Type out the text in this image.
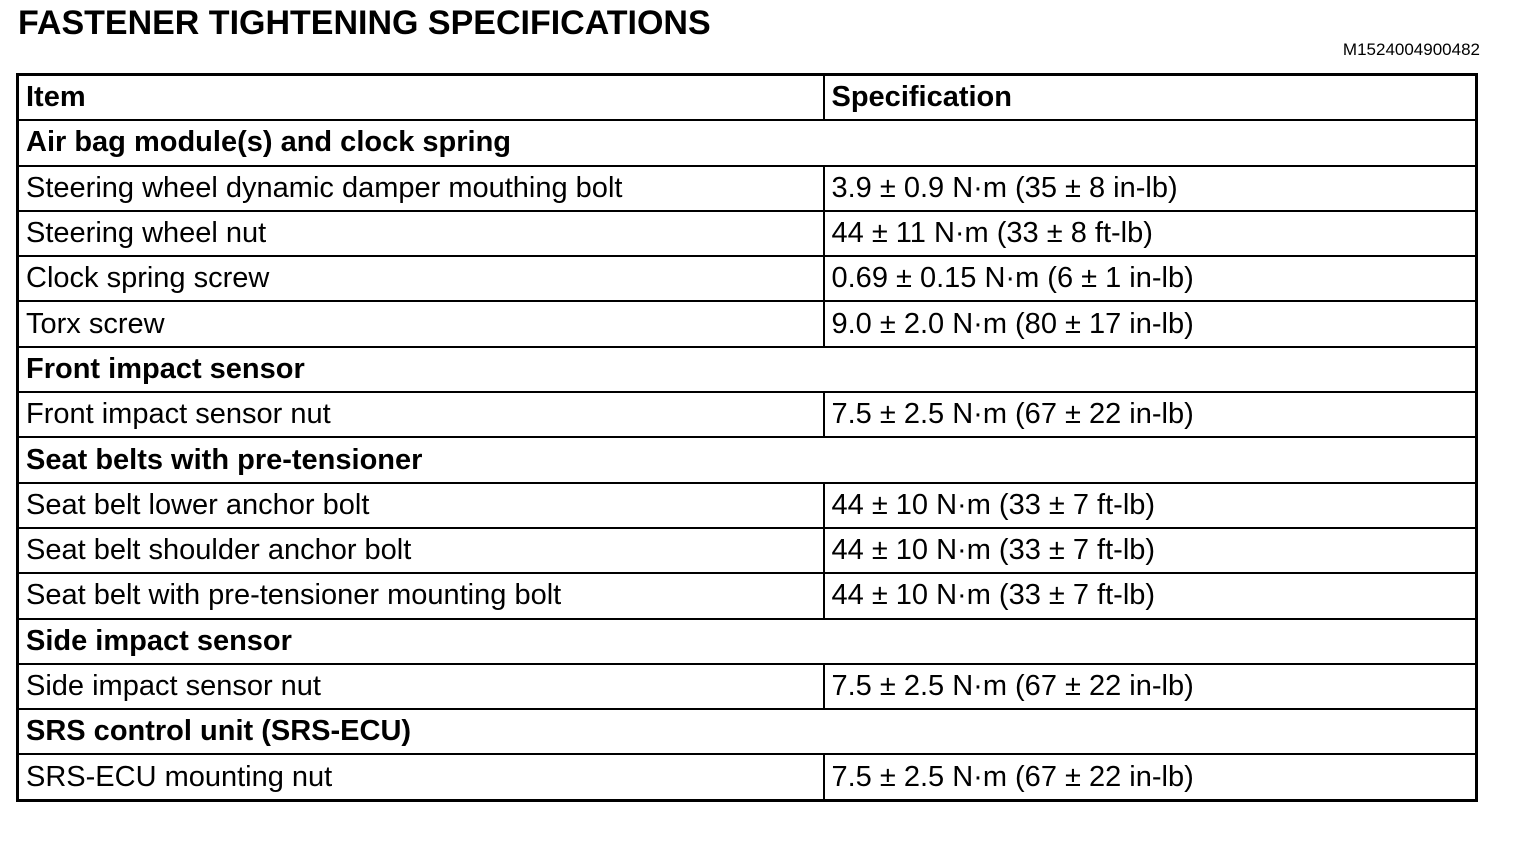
FASTENER TIGHTENING SPECIFICATIONS
M1524004900482
Item	Specification
Air bag module(s) and clock spring	
Steering wheel dynamic damper mouthing bolt	3.9 ± 0.9 N·m (35 ± 8 in-lb)
Steering wheel nut	44 ± 11 N·m (33 ± 8 ft-lb)
Clock spring screw	0.69 ± 0.15 N·m (6 ± 1 in-lb)
Torx screw	9.0 ± 2.0 N·m (80 ± 17 in-lb)
Front impact sensor	
Front impact sensor nut	7.5 ± 2.5 N·m (67 ± 22 in-lb)
Seat belts with pre-tensioner	
Seat belt lower anchor bolt	44 ± 10 N·m (33 ± 7 ft-lb)
Seat belt shoulder anchor bolt	44 ± 10 N·m (33 ± 7 ft-lb)
Seat belt with pre-tensioner mounting bolt	44 ± 10 N·m (33 ± 7 ft-lb)
Side impact sensor	
Side impact sensor nut	7.5 ± 2.5 N·m (67 ± 22 in-lb)
SRS control unit (SRS-ECU)	
SRS-ECU mounting nut	7.5 ± 2.5 N·m (67 ± 22 in-lb)
